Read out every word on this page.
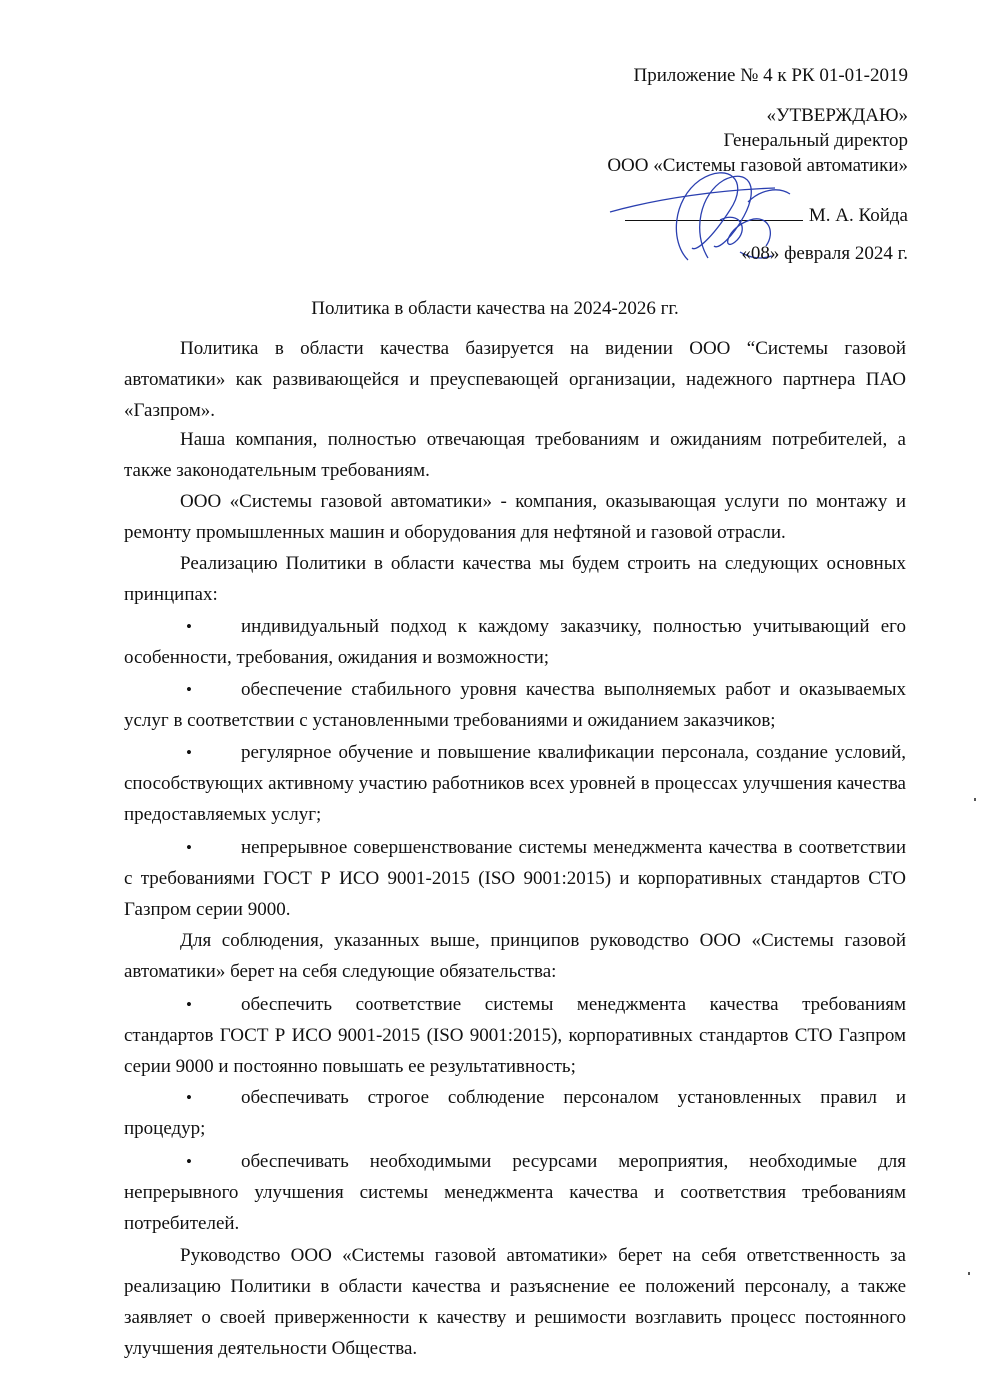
Приложение № 4 к РК 01-01-2019
«УТВЕРЖДАЮ»
Генеральный директор
ООО «Системы газовой автоматики»
М. А. Койда
«08» февраля 2024 г.
Политика в области качества на 2024-2026 гг.
Политика в области качества базируется на видении ООО “Системы газовой автоматики» как развивающейся и преуспевающей организации, надежного партнера ПАО «Газпром».
Наша компания, полностью отвечающая требованиям и ожиданиям потребителей, а также законодательным требованиям.
ООО «Системы газовой автоматики» - компания, оказывающая услуги по монтажу и ремонту промышленных машин и оборудования для нефтяной и газовой отрасли.
Реализацию Политики в области качества мы будем строить на следующих основных принципах:
•	индивидуальный подход к каждому заказчику, полностью учитывающий его особенности, требования, ожидания и возможности;
•	обеспечение стабильного уровня качества выполняемых работ и оказываемых услуг в соответствии с установленными требованиями и ожиданием заказчиков;
•	регулярное обучение и повышение квалификации персонала, создание условий, способствующих активному участию работников всех уровней в процессах улучшения качества предоставляемых услуг;
•	непрерывное совершенствование системы менеджмента качества в соответствии с требованиями ГОСТ Р ИСО 9001-2015 (ISO 9001:2015) и корпоративных стандартов СТО Газпром серии 9000.
Для соблюдения, указанных выше, принципов руководство ООО «Системы газовой автоматики» берет на себя следующие обязательства:
•	обеспечить соответствие системы менеджмента качества требованиям стандартов ГОСТ Р ИСО 9001-2015 (ISO 9001:2015), корпоративных стандартов СТО Газпром серии 9000 и постоянно повышать ее результативность;
•	обеспечивать строгое соблюдение персоналом установленных правил и процедур;
•	обеспечивать необходимыми ресурсами мероприятия, необходимые для непрерывного улучшения системы менеджмента качества и соответствия требованиям потребителей.
Руководство ООО «Системы газовой автоматики» берет на себя ответственность за реализацию Политики в области качества и разъяснение ее положений персоналу, а также заявляет о своей приверженности к качеству и решимости возглавить процесс постоянного улучшения деятельности Общества.
